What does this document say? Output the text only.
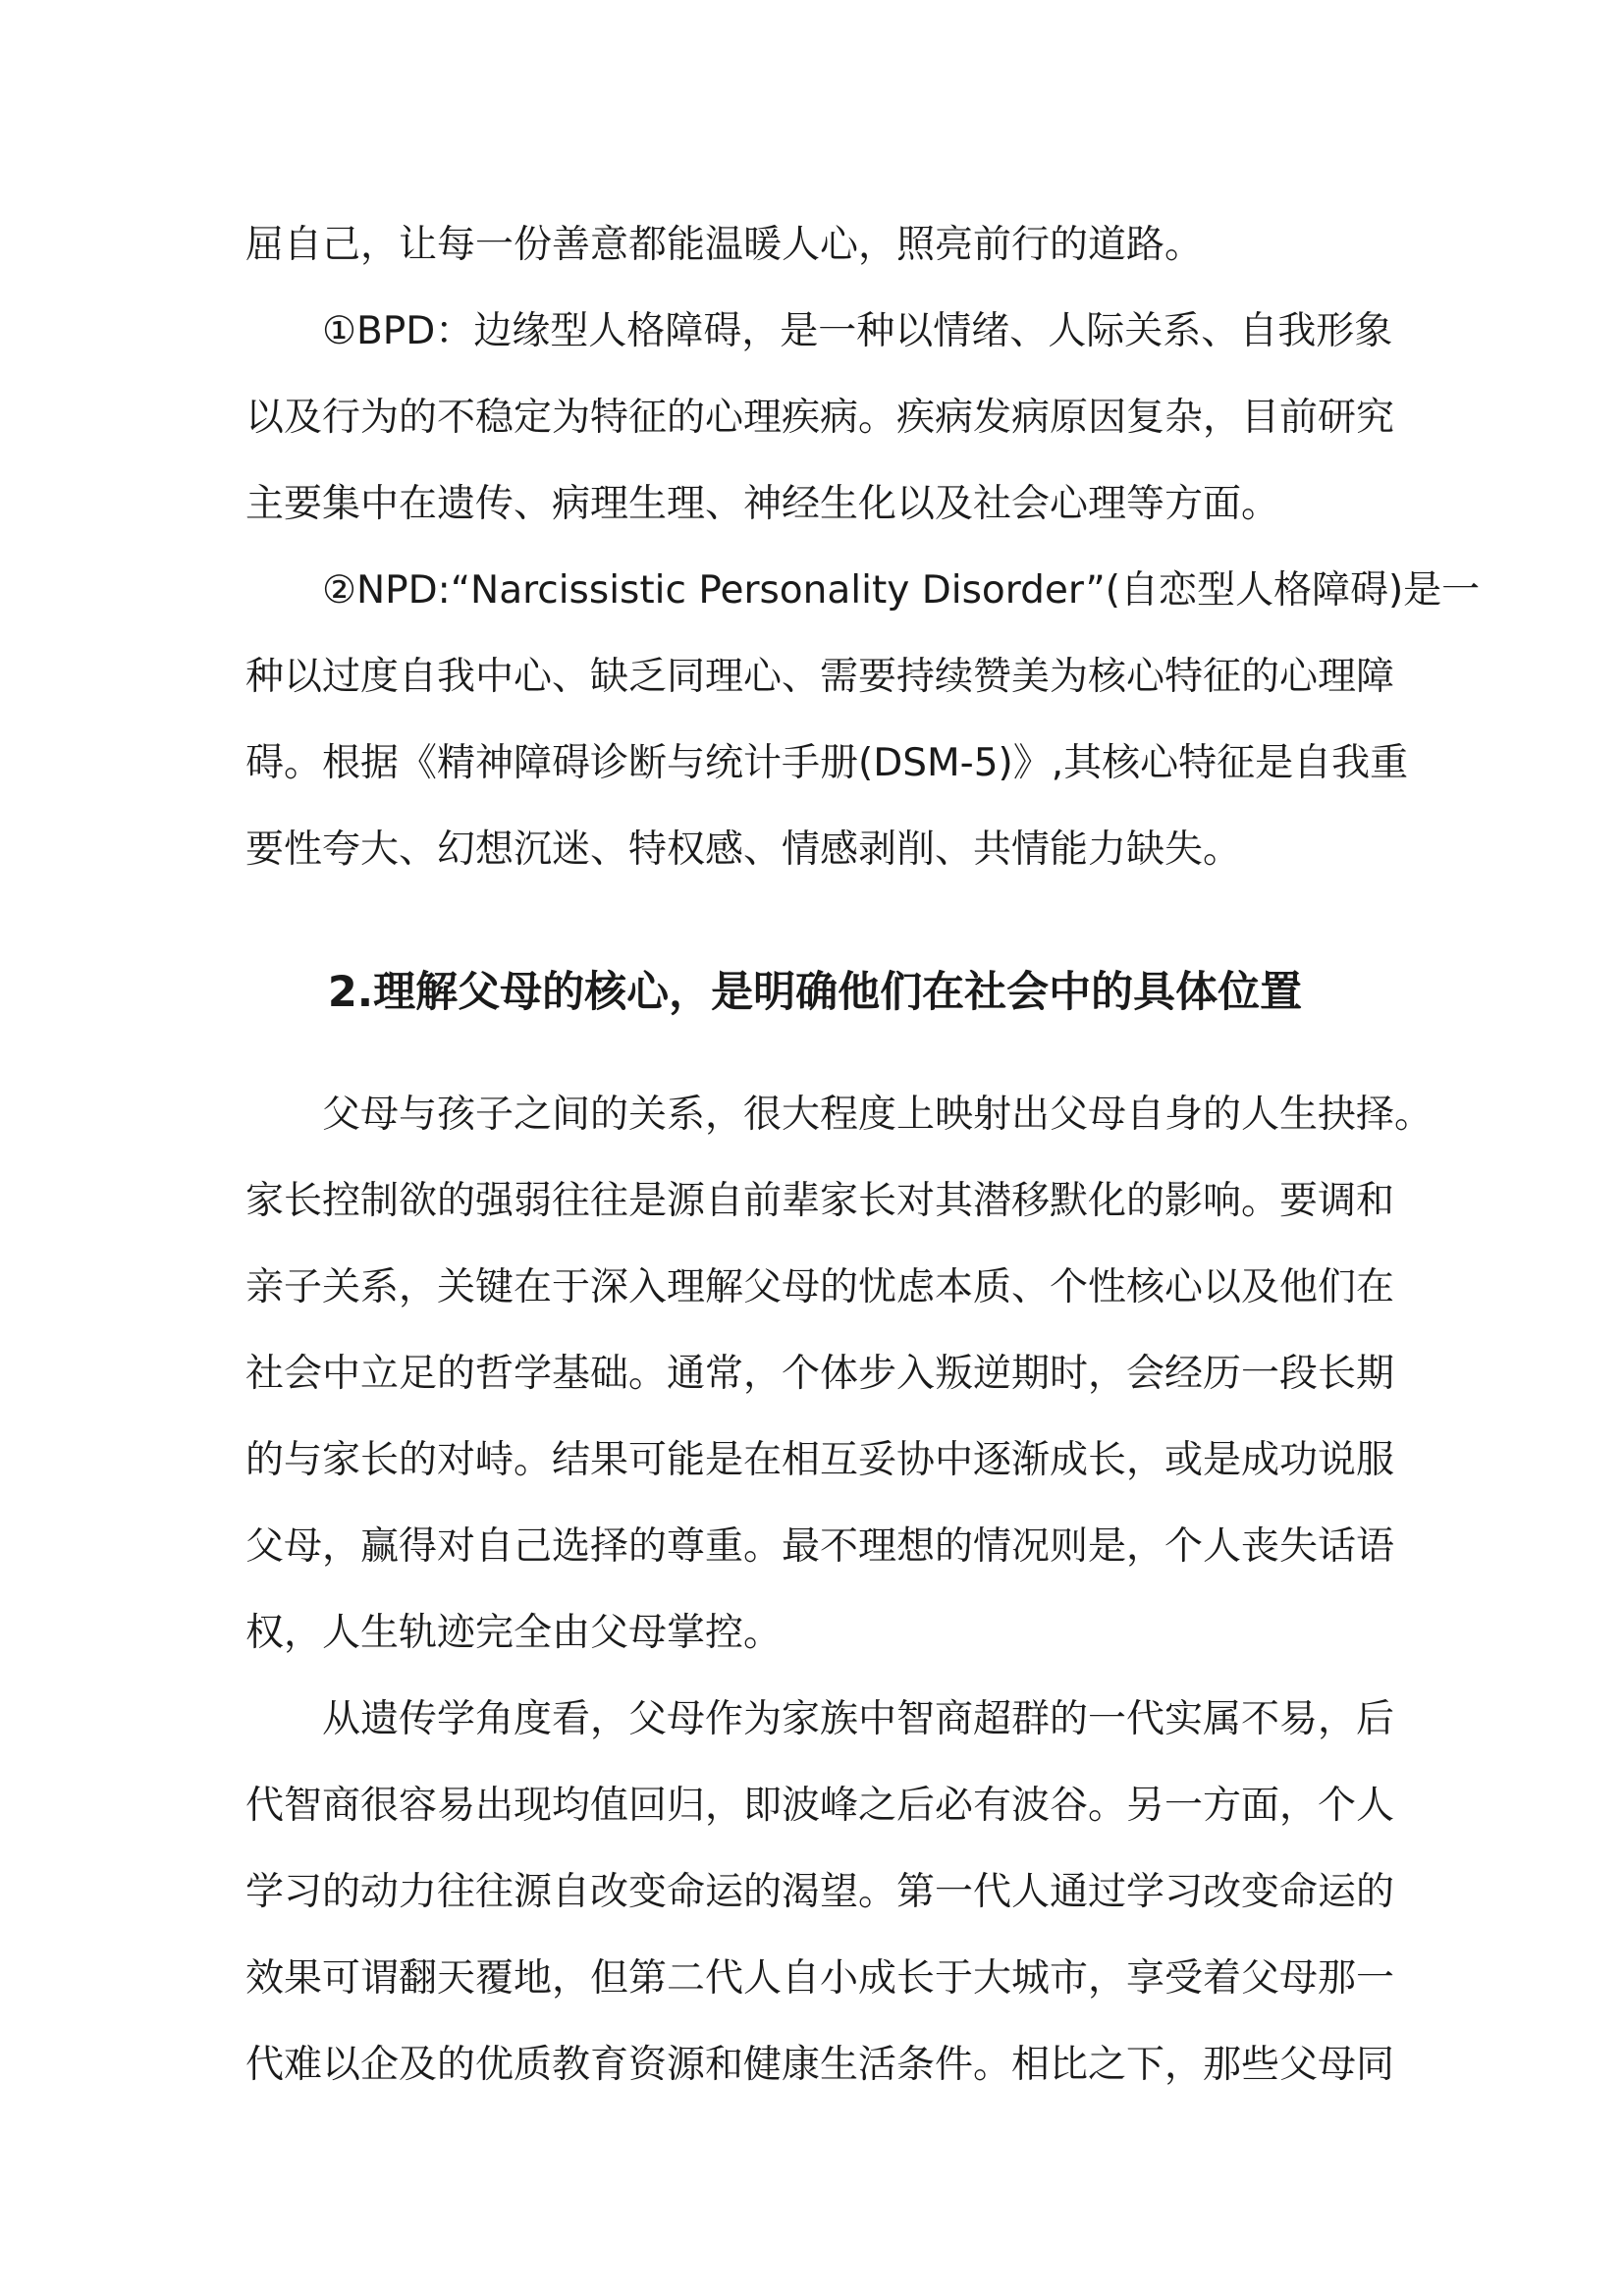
屈自己，让每一份善意都能温暖人心，照亮前行的道路。
①BPD：边缘型人格障碍，是一种以情绪、人际关系、自我形象
以及行为的不稳定为特征的心理疾病。疾病发病原因复杂，目前研究
主要集中在遗传、病理生理、神经生化以及社会心理等方面。
②NPD:“Narcissistic Personality Disorder”(自恋型人格障碍)是一
种以过度自我中心、缺乏同理心、需要持续赞美为核心特征的心理障
碍。根据《精神障碍诊断与统计手册(DSM-5)》,其核心特征是自我重
要性夸大、幻想沉迷、特权感、情感剥削、共情能力缺失。
2.理解父母的核心，是明确他们在社会中的具体位置
父母与孩子之间的关系，很大程度上映射出父母自身的人生抉择。
家长控制欲的强弱往往是源自前辈家长对其潜移默化的影响。要调和
亲子关系，关键在于深入理解父母的忧虑本质、个性核心以及他们在
社会中立足的哲学基础。通常，个体步入叛逆期时，会经历一段长期
的与家长的对峙。结果可能是在相互妥协中逐渐成长，或是成功说服
父母，赢得对自己选择的尊重。最不理想的情况则是，个人丧失话语
权，人生轨迹完全由父母掌控。
从遗传学角度看，父母作为家族中智商超群的一代实属不易，后
代智商很容易出现均值回归，即波峰之后必有波谷。另一方面，个人
学习的动力往往源自改变命运的渴望。第一代人通过学习改变命运的
效果可谓翻天覆地，但第二代人自小成长于大城市，享受着父母那一
代难以企及的优质教育资源和健康生活条件。相比之下，那些父母同
